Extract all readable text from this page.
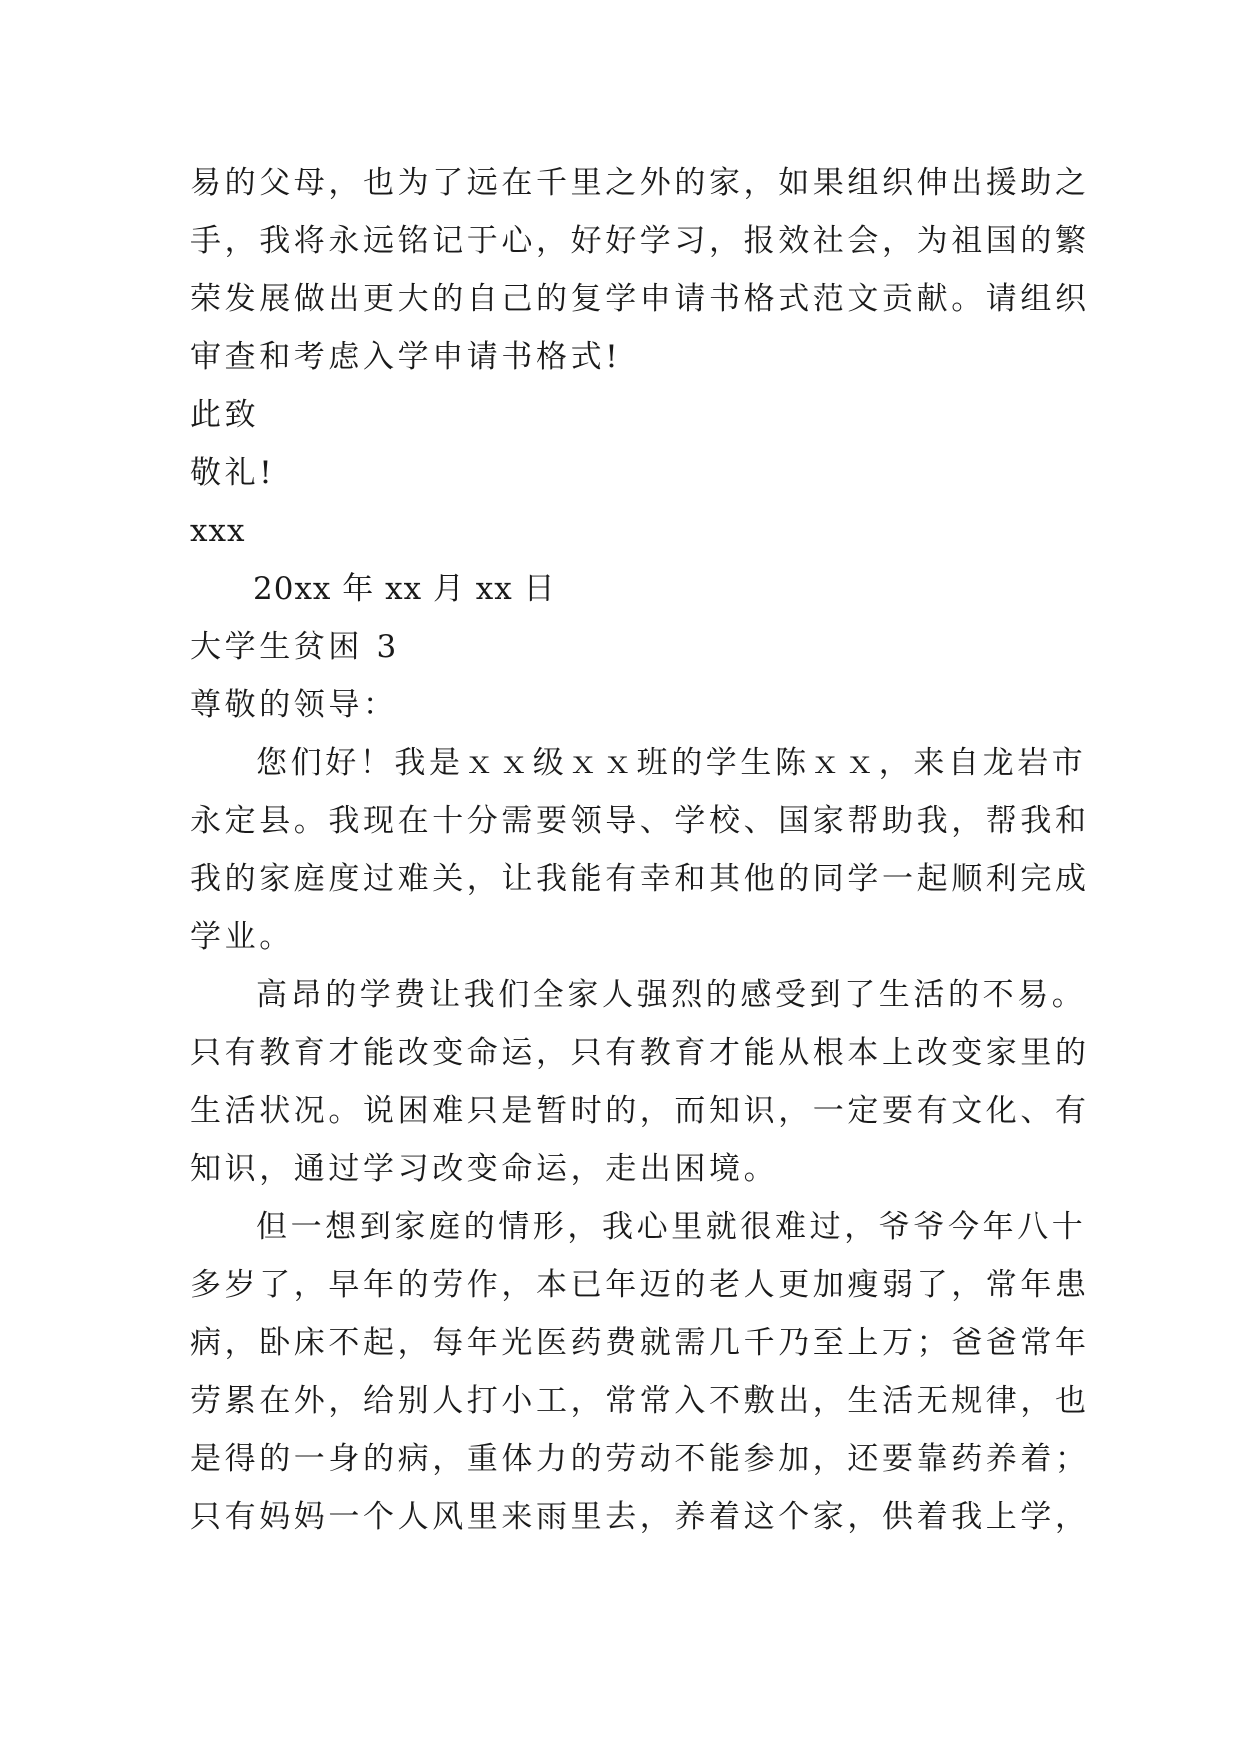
易的父母，也为了远在千里之外的家，如果组织伸出援助之
手，我将永远铭记于心，好好学习，报效社会，为祖国的繁
荣发展做出更大的自己的复学申请书格式范文贡献。请组织
审查和考虑入学申请书格式!
此致
敬礼!
xxx
20xx 年 xx 月 xx 日
大学生贫困 3
尊敬的领导：
您们好！我是ｘｘ级ｘｘ班的学生陈ｘｘ，来自龙岩市
永定县。我现在十分需要领导、学校、国家帮助我，帮我和
我的家庭度过难关，让我能有幸和其他的同学一起顺利完成
学业。
高昂的学费让我们全家人强烈的感受到了生活的不易。
只有教育才能改变命运，只有教育才能从根本上改变家里的
生活状况。说困难只是暂时的，而知识，一定要有文化、有
知识，通过学习改变命运，走出困境。
但一想到家庭的情形，我心里就很难过，爷爷今年八十
多岁了，早年的劳作，本已年迈的老人更加瘦弱了，常年患
病，卧床不起，每年光医药费就需几千乃至上万；爸爸常年
劳累在外，给别人打小工，常常入不敷出，生活无规律，也
是得的一身的病，重体力的劳动不能参加，还要靠药养着；
只有妈妈一个人风里来雨里去，养着这个家，供着我上学，
